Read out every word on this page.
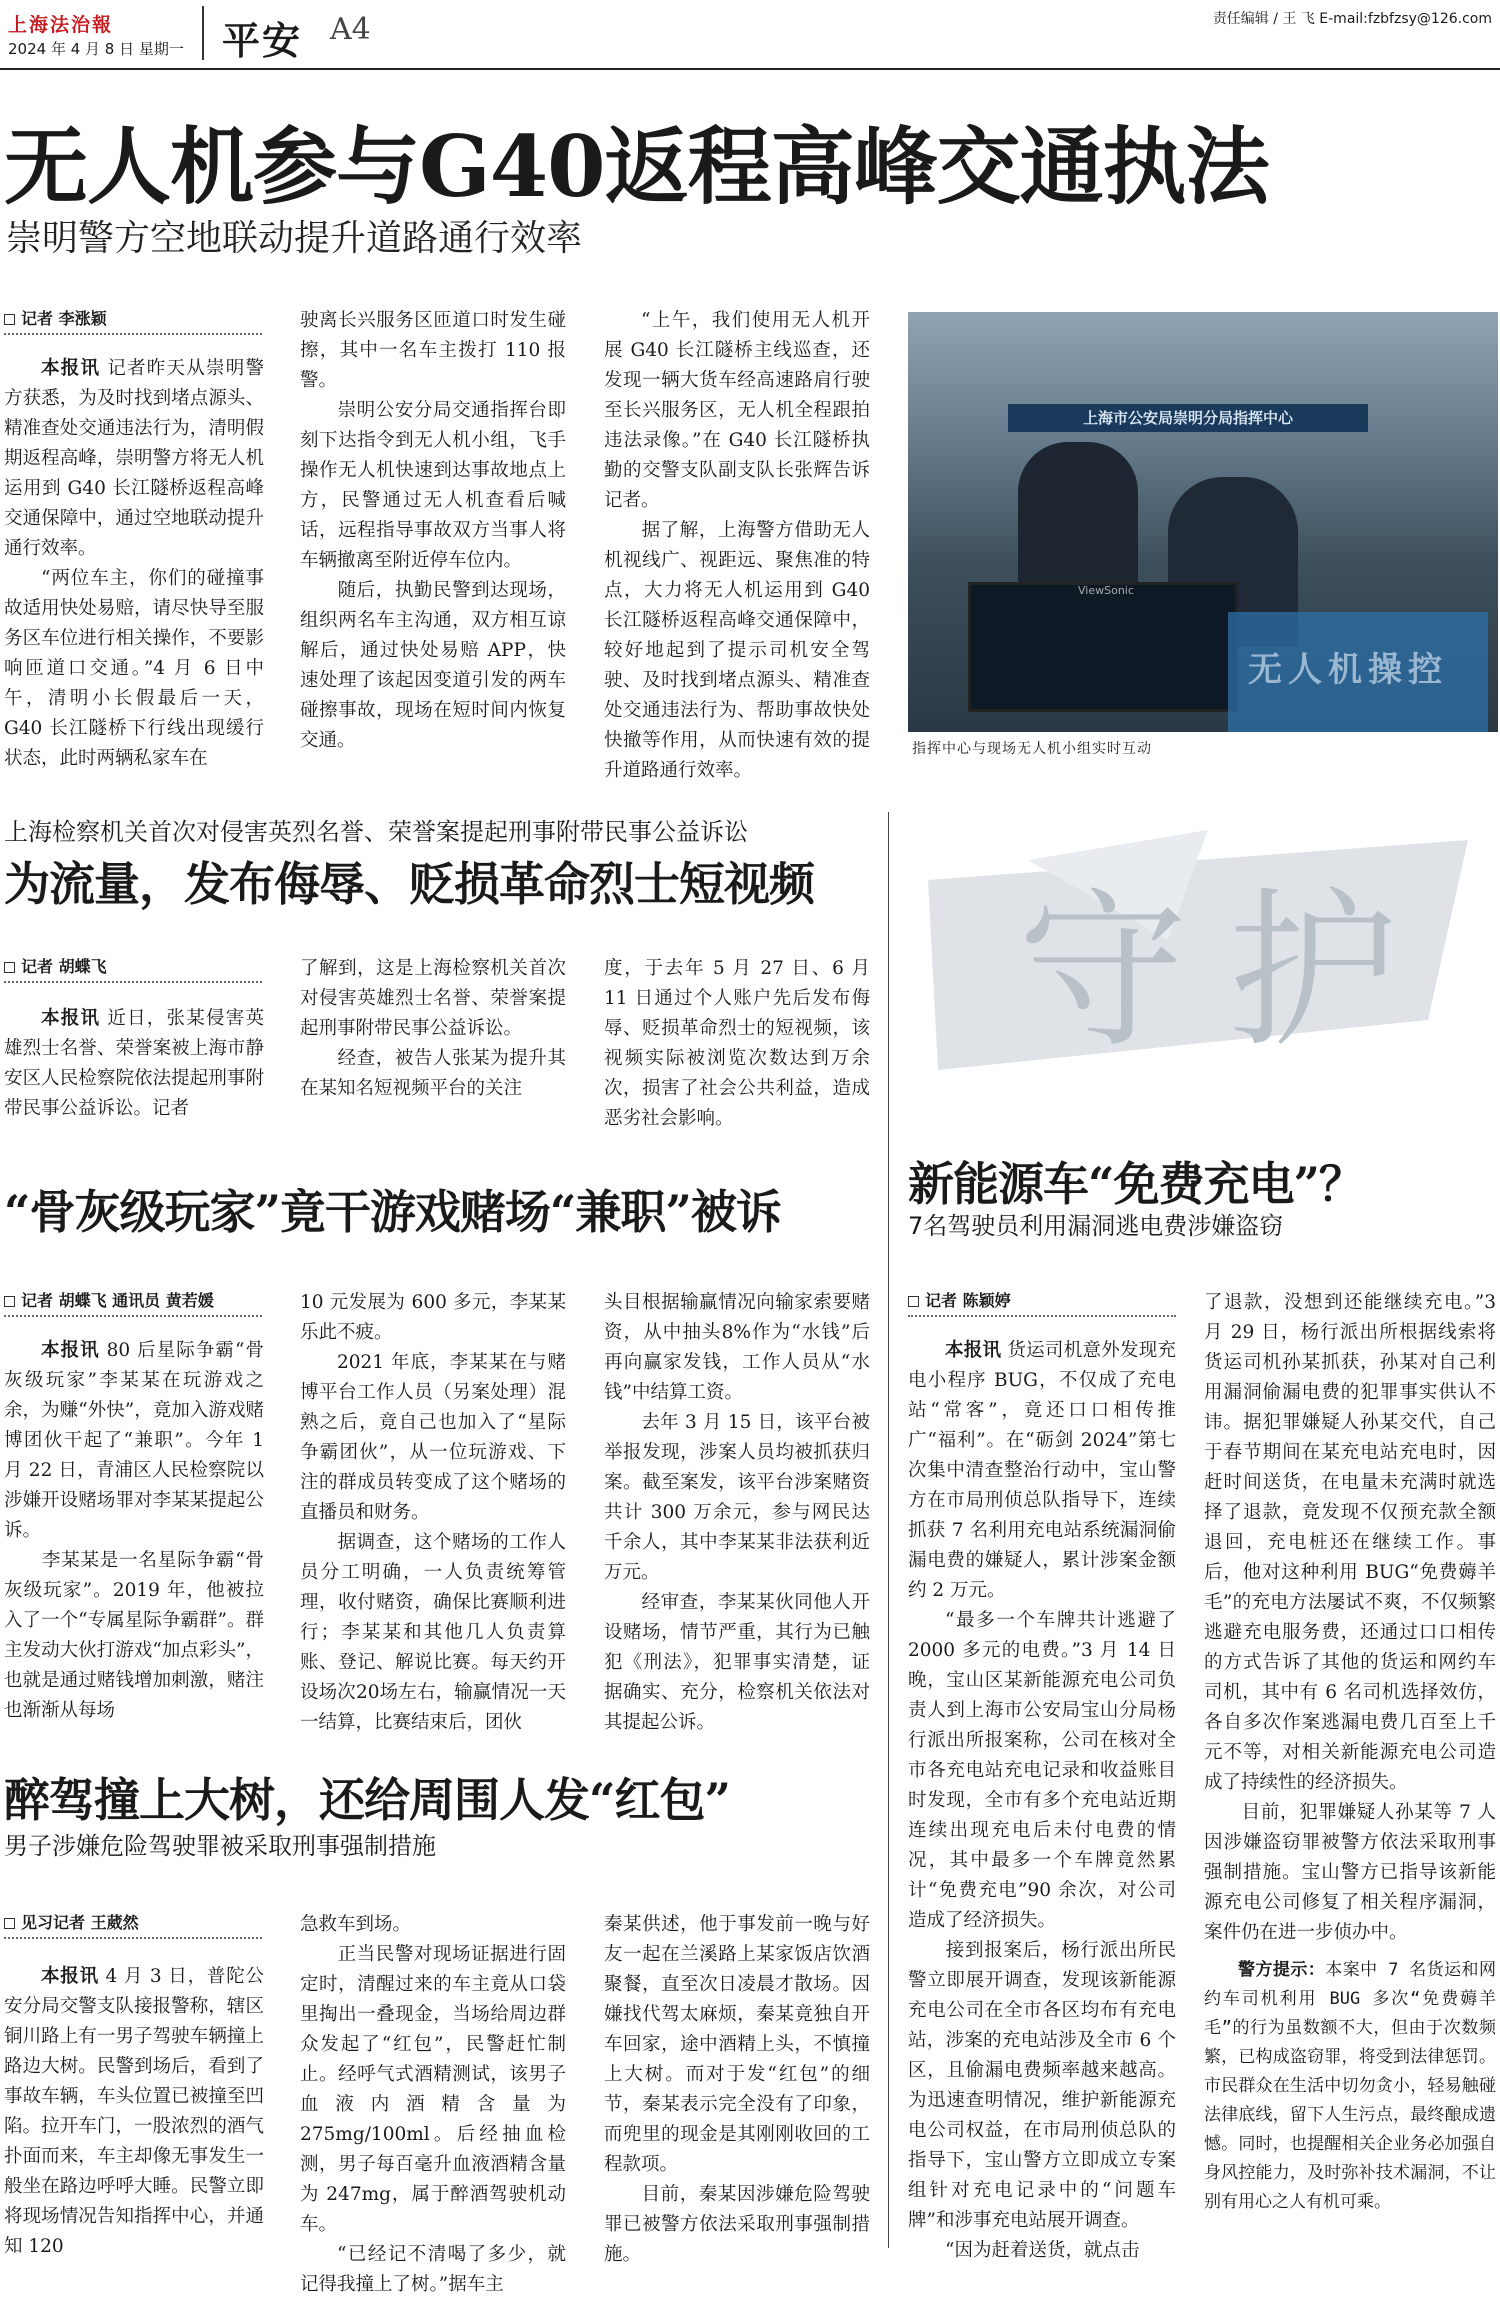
上海法治報
2024 年 4 月 8 日 星期一 平安 A4	责任编辑 / 王 飞 E-mail:fzbfzsy@126.com
无人机参与G40返程高峰交通执法
崇明警方空地联动提升道路通行效率
记者 李涨颖
本报讯 记者昨天从崇明警方获悉，为及时找到堵点源头、精准查处交通违法行为，清明假期返程高峰，崇明警方将无人机运用到 G40 长江隧桥返程高峰交通保障中，通过空地联动提升通行效率。
  “两位车主，你们的碰撞事故适用快处易赔，请尽快导至服务区车位进行相关操作，不要影响匝道口交通。”4 月 6 日中午，清明小长假最后一天，G40 长江隧桥下行线出现缓行状态，此时两辆私家车在
驶离长兴服务区匝道口时发生碰擦，其中一名车主拨打 110 报警。
  崇明公安分局交通指挥台即刻下达指令到无人机小组，飞手操作无人机快速到达事故地点上方，民警通过无人机查看后喊话，远程指导事故双方当事人将车辆撤离至附近停车位内。
  随后，执勤民警到达现场，组织两名车主沟通，双方相互谅解后，通过快处易赔 APP，快速处理了该起因变道引发的两车碰擦事故，现场在短时间内恢复交通。
“上午，我们使用无人机开展 G40 长江隧桥主线巡查，还发现一辆大货车经高速路肩行驶至长兴服务区，无人机全程跟拍违法录像。”在 G40 长江隧桥执勤的交警支队副支队长张辉告诉记者。
  据了解，上海警方借助无人机视线广、视距远、聚焦准的特点，大力将无人机运用到 G40 长江隧桥返程高峰交通保障中，较好地起到了提示司机安全驾驶、及时找到堵点源头、精准查处交通违法行为、帮助事故快处快撤等作用，从而快速有效的提升道路通行效率。
上海市公安局崇明分局指挥中心
ViewSonic
无人机操控
指挥中心与现场无人机小组实时互动
上海检察机关首次对侵害英烈名誉、荣誉案提起刑事附带民事公益诉讼
为流量，发布侮辱、贬损革命烈士短视频
记者 胡蝶飞
本报讯 近日，张某侵害英雄烈士名誉、荣誉案被上海市静安区人民检察院依法提起刑事附带民事公益诉讼。记者
了解到，这是上海检察机关首次对侵害英雄烈士名誉、荣誉案提起刑事附带民事公益诉讼。
  经查，被告人张某为提升其在某知名短视频平台的关注
度，于去年 5 月 27 日、6 月 11 日通过个人账户先后发布侮辱、贬损革命烈士的短视频，该视频实际被浏览次数达到万余次，损害了社会公共利益，造成恶劣社会影响。
“骨灰级玩家”竟干游戏赌场“兼职”被诉
记者 胡蝶飞 通讯员 黄若媛
本报讯 80 后星际争霸“骨灰级玩家”李某某在玩游戏之余，为赚“外快”，竟加入游戏赌博团伙干起了“兼职”。今年 1 月 22 日，青浦区人民检察院以涉嫌开设赌场罪对李某某提起公诉。
  李某某是一名星际争霸“骨灰级玩家”。2019 年，他被拉入了一个“专属星际争霸群”。群主发动大伙打游戏“加点彩头”，也就是通过赌钱增加刺激，赌注也渐渐从每场
10 元发展为 600 多元，李某某乐此不疲。
  2021 年底，李某某在与赌博平台工作人员（另案处理）混熟之后，竟自己也加入了“星际争霸团伙”，从一位玩游戏、下注的群成员转变成了这个赌场的直播员和财务。
  据调查，这个赌场的工作人员分工明确，一人负责统筹管理，收付赌资，确保比赛顺利进行；李某某和其他几人负责算账、登记、解说比赛。每天约开设场次20场左右，输赢情况一天一结算，比赛结束后，团伙
头目根据输赢情况向输家索要赌资，从中抽头8%作为“水钱”后再向赢家发钱，工作人员从“水钱”中结算工资。
  去年 3 月 15 日，该平台被举报发现，涉案人员均被抓获归案。截至案发，该平台涉案赌资共计 300 万余元，参与网民达千余人，其中李某某非法获利近万元。
  经审查，李某某伙同他人开设赌场，情节严重，其行为已触犯《刑法》，犯罪事实清楚，证据确实、充分，检察机关依法对其提起公诉。
醉驾撞上大树，还给周围人发“红包”
男子涉嫌危险驾驶罪被采取刑事强制措施
见习记者 王葳然
本报讯 4 月 3 日，普陀公安分局交警支队接报警称，辖区铜川路上有一男子驾驶车辆撞上路边大树。民警到场后，看到了事故车辆，车头位置已被撞至凹陷。拉开车门，一股浓烈的酒气扑面而来，车主却像无事发生一般坐在路边呼呼大睡。民警立即将现场情况告知指挥中心，并通知 120
急救车到场。
  正当民警对现场证据进行固定时，清醒过来的车主竟从口袋里掏出一叠现金，当场给周边群众发起了“红包”，民警赶忙制止。经呼气式酒精测试，该男子血液内酒精含量为 275mg/100ml。后经抽血检测，男子每百毫升血液酒精含量为 247mg，属于醉酒驾驶机动车。
  “已经记不清喝了多少，就记得我撞上了树。”据车主
秦某供述，他于事发前一晚与好友一起在兰溪路上某家饭店饮酒聚餐，直至次日凌晨才散场。因嫌找代驾太麻烦，秦某竟独自开车回家，途中酒精上头，不慎撞上大树。而对于发“红包”的细节，秦某表示完全没有了印象，而兜里的现金是其刚刚收回的工程款项。
  目前，秦某因涉嫌危险驾驶罪已被警方依法采取刑事强制措施。
守护
新能源车“免费充电”？
7名驾驶员利用漏洞逃电费涉嫌盗窃
记者 陈颖婷
本报讯 货运司机意外发现充电小程序 BUG，不仅成了充电站“常客”，竟还口口相传推广“福利”。在“砺剑 2024”第七次集中清查整治行动中，宝山警方在市局刑侦总队指导下，连续抓获 7 名利用充电站系统漏洞偷漏电费的嫌疑人，累计涉案金额约 2 万元。
  “最多一个车牌共计逃避了 2000 多元的电费。”3 月 14 日晚，宝山区某新能源充电公司负责人到上海市公安局宝山分局杨行派出所报案称，公司在核对全市各充电站充电记录和收益账目时发现，全市有多个充电站近期连续出现充电后未付电费的情况，其中最多一个车牌竟然累计“免费充电”90 余次，对公司造成了经济损失。
  接到报案后，杨行派出所民警立即展开调查，发现该新能源充电公司在全市各区均布有充电站，涉案的充电站涉及全市 6 个区，且偷漏电费频率越来越高。为迅速查明情况，维护新能源充电公司权益，在市局刑侦总队的指导下，宝山警方立即成立专案组针对充电记录中的“问题车牌”和涉事充电站展开调查。
  “因为赶着送货，就点击
了退款，没想到还能继续充电。”3 月 29 日，杨行派出所根据线索将货运司机孙某抓获，孙某对自己利用漏洞偷漏电费的犯罪事实供认不讳。据犯罪嫌疑人孙某交代，自己于春节期间在某充电站充电时，因赶时间送货，在电量未充满时就选择了退款，竟发现不仅预充款全额退回，充电桩还在继续工作。事后，他对这种利用 BUG“免费薅羊毛”的充电方法屡试不爽，不仅频繁逃避充电服务费，还通过口口相传的方式告诉了其他的货运和网约车司机，其中有 6 名司机选择效仿，各自多次作案逃漏电费几百至上千元不等，对相关新能源充电公司造成了持续性的经济损失。
  目前，犯罪嫌疑人孙某等 7 人因涉嫌盗窃罪被警方依法采取刑事强制措施。宝山警方已指导该新能源充电公司修复了相关程序漏洞，案件仍在进一步侦办中。
警方提示：本案中 7 名货运和网约车司机利用 BUG 多次“免费薅羊毛”的行为虽数额不大，但由于次数频繁，已构成盗窃罪，将受到法律惩罚。市民群众在生活中切勿贪小，轻易触碰法律底线，留下人生污点，最终酿成遗憾。同时，也提醒相关企业务必加强自身风控能力，及时弥补技术漏洞，不让别有用心之人有机可乘。
